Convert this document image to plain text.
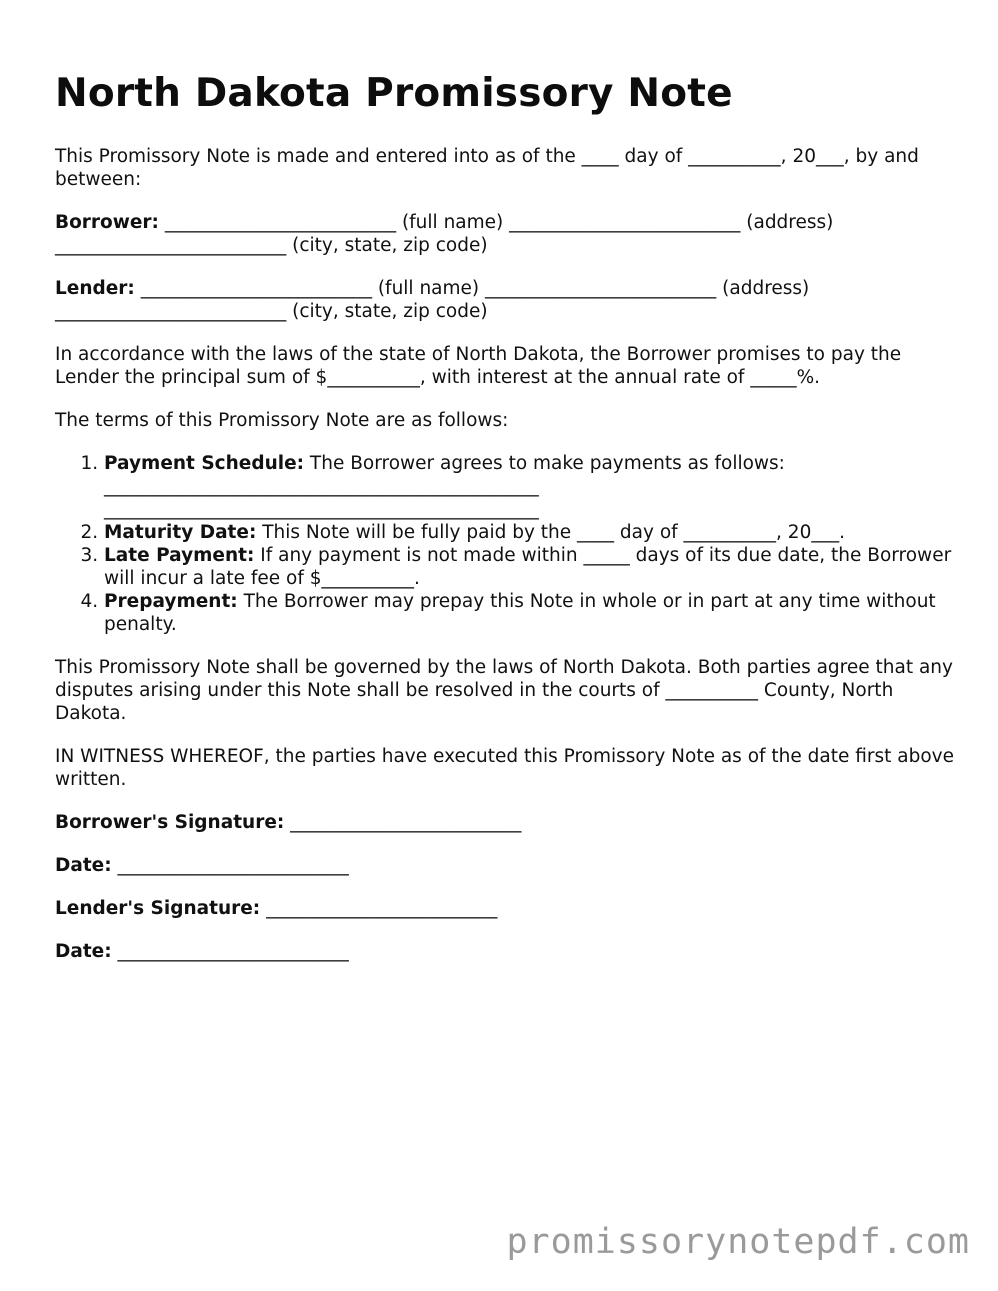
North Dakota Promissory Note

This Promissory Note is made and entered into as of the ____ day of __________, 20___, by and between:

Borrower: _________________________ (full name) _________________________ (address) _________________________ (city, state, zip code)

Lender: _________________________ (full name) _________________________ (address) _________________________ (city, state, zip code)

In accordance with the laws of the state of North Dakota, the Borrower promises to pay the Lender the principal sum of $__________, with interest at the annual rate of _____%.

The terms of this Promissory Note are as follows:

1. Payment Schedule: The Borrower agrees to make payments as follows:
_______________________________________________
_______________________________________________
2. Maturity Date: This Note will be fully paid by the ____ day of __________, 20___.
3. Late Payment: If any payment is not made within _____ days of its due date, the Borrower will incur a late fee of $__________.
4. Prepayment: The Borrower may prepay this Note in whole or in part at any time without penalty.

This Promissory Note shall be governed by the laws of North Dakota. Both parties agree that any disputes arising under this Note shall be resolved in the courts of __________ County, North Dakota.

IN WITNESS WHEREOF, the parties have executed this Promissory Note as of the date first above written.

Borrower's Signature: _________________________

Date: _________________________

Lender's Signature: _________________________

Date: _________________________

promissorynotepdf.com
